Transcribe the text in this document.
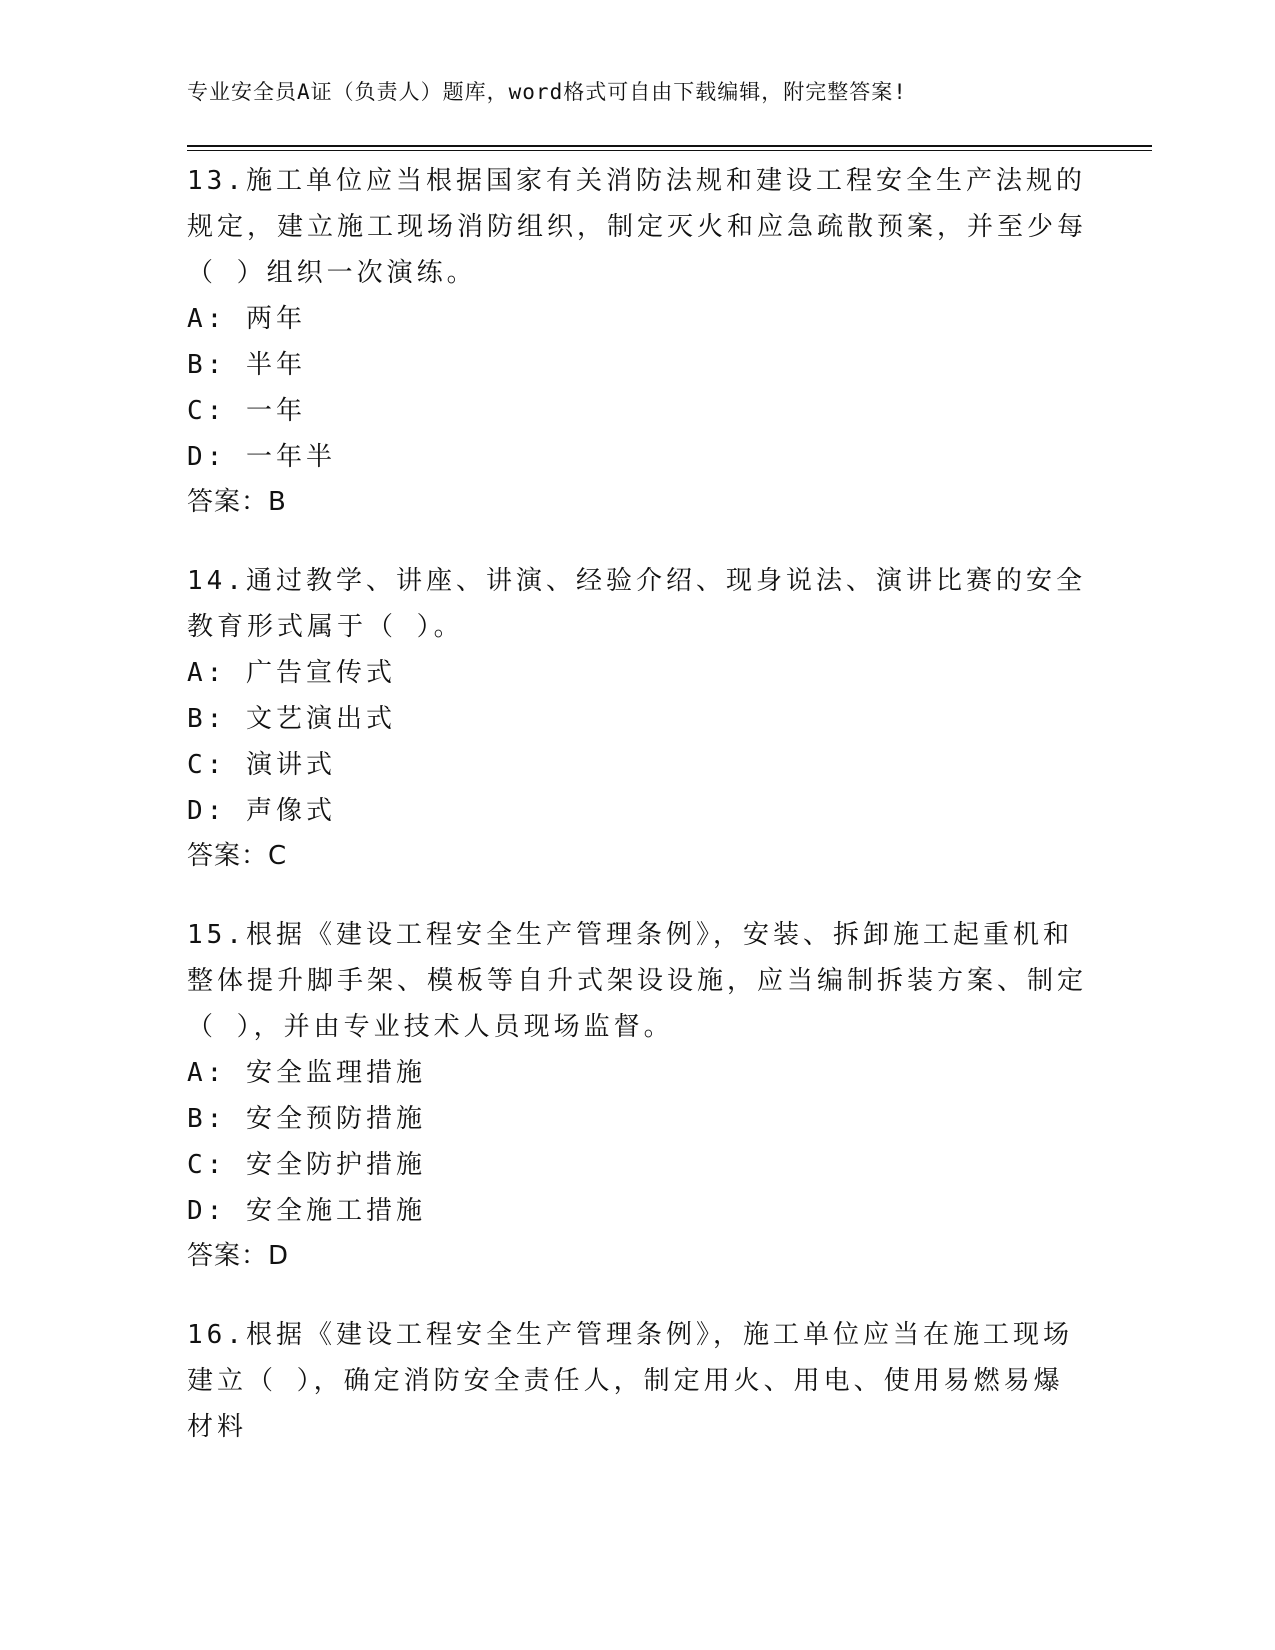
专业安全员A证（负责人）题库，word格式可自由下载编辑，附完整答案!

13.施工单位应当根据国家有关消防法规和建设工程安全生产法规的规定，建立施工现场消防组织，制定灭火和应急疏散预案，并至少每（ ）组织一次演练。

A: 两年

B: 半年

C: 一年

D: 一年半

答案：B

14.通过教学、讲座、讲演、经验介绍、现身说法、演讲比赛的安全教育形式属于（ ）。

A: 广告宣传式

B: 文艺演出式

C: 演讲式

D: 声像式

答案：C

15.根据《建设工程安全生产管理条例》，安装、拆卸施工起重机和整体提升脚手架、模板等自升式架设设施，应当编制拆装方案、制定（ ），并由专业技术人员现场监督。

A: 安全监理措施

B: 安全预防措施

C: 安全防护措施

D: 安全施工措施

答案：D

16.根据《建设工程安全生产管理条例》，施工单位应当在施工现场建立（ ），确定消防安全责任人，制定用火、用电、使用易燃易爆材料
